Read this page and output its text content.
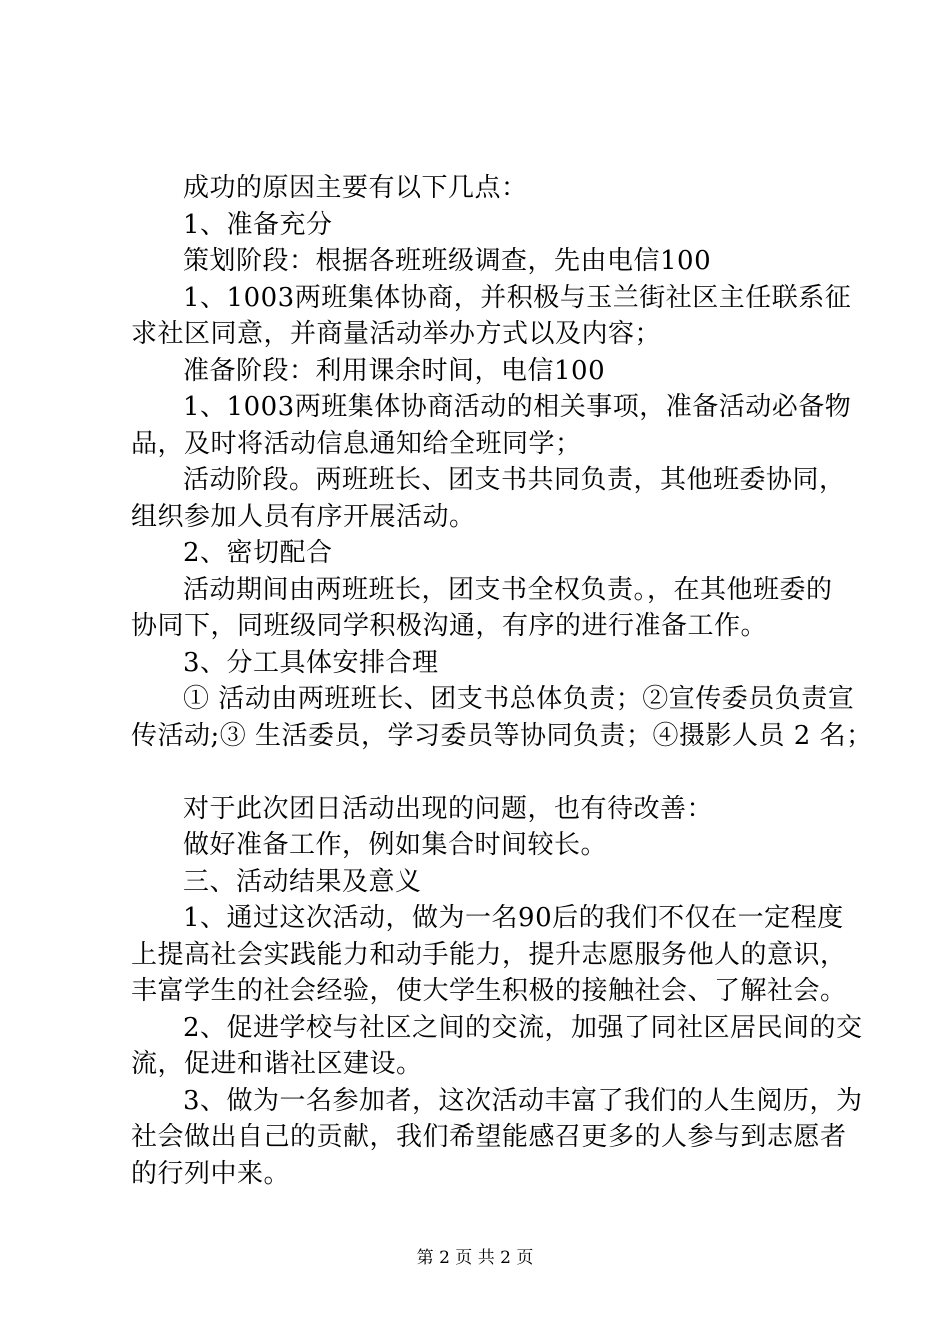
成功的原因主要有以下几点：
1、准备充分
策划阶段：根据各班班级调查，先由电信100
1、1003两班集体协商，并积极与玉兰街社区主任联系征
求社区同意，并商量活动举办方式以及内容；
准备阶段：利用课余时间，电信100
1、1003两班集体协商活动的相关事项，准备活动必备物
品，及时将活动信息通知给全班同学；
活动阶段。两班班长、团支书共同负责，其他班委协同，
组织参加人员有序开展活动。
2、密切配合
活动期间由两班班长，团支书全权负责。，在其他班委的
协同下，同班级同学积极沟通，有序的进行准备工作。
3、分工具体安排合理
① 活动由两班班长、团支书总体负责；②宣传委员负责宣
传活动;③ 生活委员，学习委员等协同负责；④摄影人员 2 名；
对于此次团日活动出现的问题，也有待改善：
做好准备工作，例如集合时间较长。
三、活动结果及意义
1、通过这次活动，做为一名90后的我们不仅在一定程度
上提高社会实践能力和动手能力，提升志愿服务他人的意识，
丰富学生的社会经验，使大学生积极的接触社会、了解社会。
2、促进学校与社区之间的交流，加强了同社区居民间的交
流，促进和谐社区建设。
3、做为一名参加者，这次活动丰富了我们的人生阅历，为
社会做出自己的贡献，我们希望能感召更多的人参与到志愿者
的行列中来。
第 2 页 共 2 页
